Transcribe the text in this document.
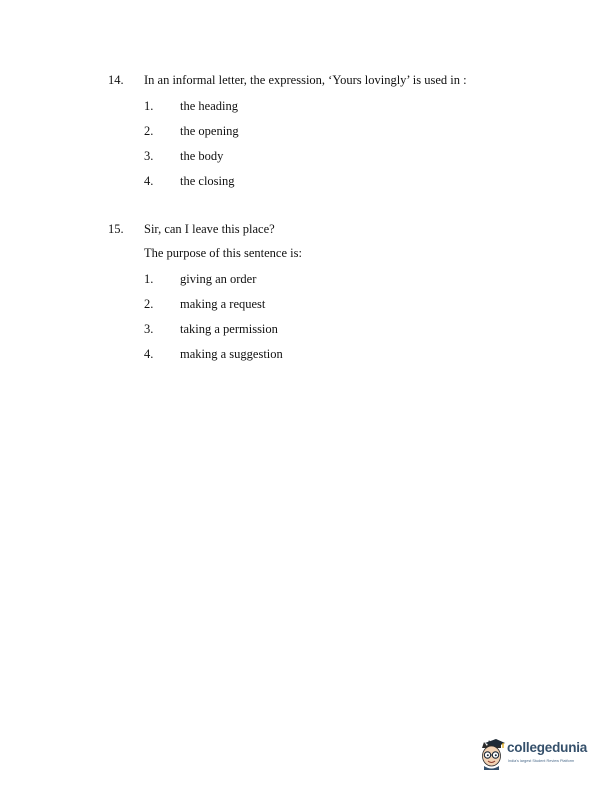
14. In an informal letter, the expression, ‘Yours lovingly’ is used in :
1. the heading
2. the opening
3. the body
4. the closing
15. Sir, can I leave this place?
The purpose of this sentence is:
1. giving an order
2. making a request
3. taking a permission
4. making a suggestion
collegedunia
India's largest Student Review Platform
